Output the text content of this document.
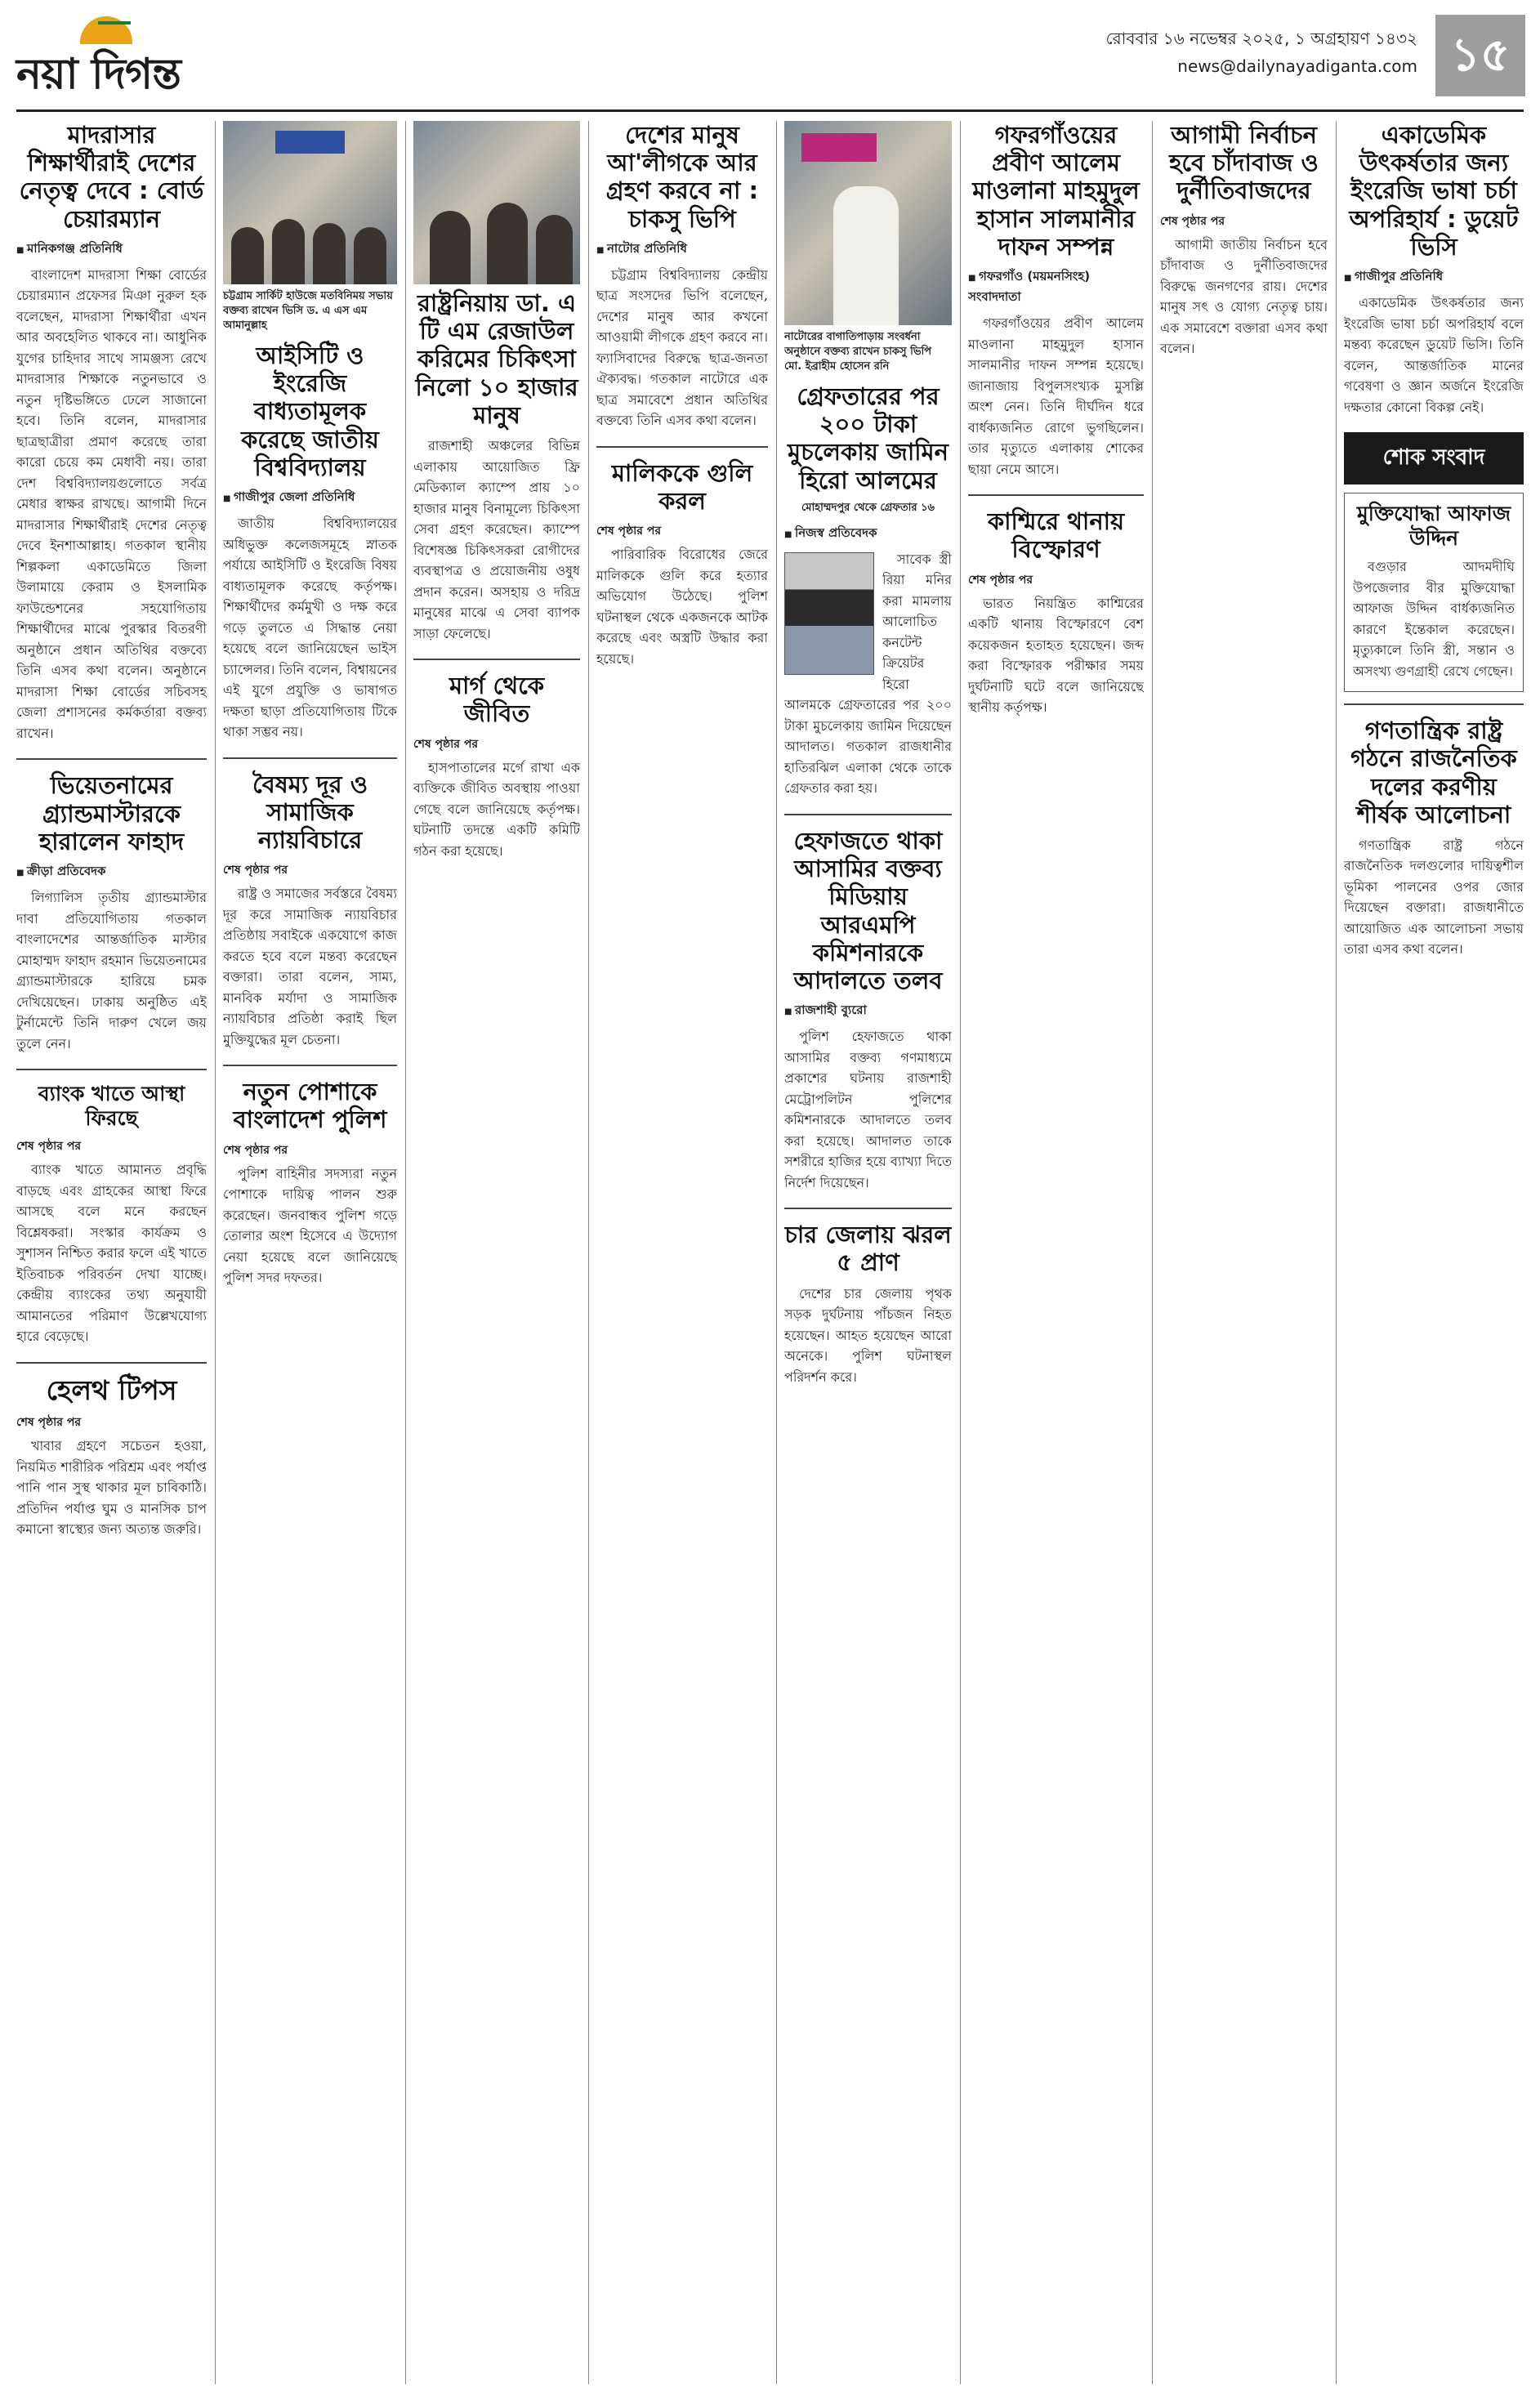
নয়া দিগন্ত
রোববার ১৬ নভেম্বর ২০২৫, ১ অগ্রহায়ণ ১৪৩২
news@dailynayadiganta.com ১৫
মাদরাসার শিক্ষার্থীরাই দেশের নেতৃত্ব দেবে : বোর্ড চেয়ারম্যান
■ মানিকগঞ্জ প্রতিনিধি

বাংলাদেশ মাদরাসা শিক্ষা বোর্ডের চেয়ারম্যান প্রফেসর মিঞা নুরুল হক বলেছেন, মাদরাসা শিক্ষার্থীরা এখন আর অবহেলিত থাকবে না। আধুনিক যুগের চাহিদার সাথে সামঞ্জস্য রেখে মাদরাসার শিক্ষাকে নতুনভাবে ও নতুন দৃষ্টিভঙ্গিতে ঢেলে সাজানো হবে। তিনি বলেন, মাদরাসার ছাত্রছাত্রীরা প্রমাণ করেছে তারা কারো চেয়ে কম মেধাবী নয়। তারা দেশ বিশ্ববিদ্যালয়গুলোতে সর্বত্র মেধার স্বাক্ষর রাখছে। আগামী দিনে মাদরাসার শিক্ষার্থীরাই দেশের নেতৃত্ব দেবে ইনশাআল্লাহ। গতকাল স্থানীয় শিল্পকলা একাডেমিতে জিলা উলামায়ে কেরাম ও ইসলামিক ফাউন্ডেশনের সহযোগিতায় শিক্ষার্থীদের মাঝে পুরস্কার বিতরণী অনুষ্ঠানে প্রধান অতিথির বক্তব্যে তিনি এসব কথা বলেন। অনুষ্ঠানে মাদরাসা শিক্ষা বোর্ডের সচিবসহ জেলা প্রশাসনের কর্মকর্তারা বক্তব্য রাখেন।

ভিয়েতনামের গ্র্যান্ডমাস্টারকে হারালেন ফাহাদ
■ ক্রীড়া প্রতিবেদক

লিগ্যালিস তৃতীয় গ্র্যান্ডমাস্টার দাবা প্রতিযোগিতায় গতকাল বাংলাদেশের আন্তর্জাতিক মাস্টার মোহাম্মদ ফাহাদ রহমান ভিয়েতনামের গ্র্যান্ডমাস্টারকে হারিয়ে চমক দেখিয়েছেন। ঢাকায় অনুষ্ঠিত এই টুর্নামেন্টে তিনি দারুণ খেলে জয় তুলে নেন।

ব্যাংক খাতে আস্থা ফিরছে
শেষ পৃষ্ঠার পর

ব্যাংক খাতে আমানত প্রবৃদ্ধি বাড়ছে এবং গ্রাহকের আস্থা ফিরে আসছে বলে মনে করছেন বিশ্লেষকরা। সংস্কার কার্যক্রম ও সুশাসন নিশ্চিত করার ফলে এই খাতে ইতিবাচক পরিবর্তন দেখা যাচ্ছে। কেন্দ্রীয় ব্যাংকের তথ্য অনুযায়ী আমানতের পরিমাণ উল্লেখযোগ্য হারে বেড়েছে।

হেলথ টিপস
শেষ পৃষ্ঠার পর

খাবার গ্রহণে সচেতন হওয়া, নিয়মিত শারীরিক পরিশ্রম এবং পর্যাপ্ত পানি পান সুস্থ থাকার মূল চাবিকাঠি। প্রতিদিন পর্যাপ্ত ঘুম ও মানসিক চাপ কমানো স্বাস্থ্যের জন্য অত্যন্ত জরুরি।

চট্টগ্রাম সার্কিট হাউজে মতবিনিময় সভায় বক্তব্য রাখেন ভিসি ড. এ এস এম আমানুল্লাহ
আইসিটি ও ইংরেজি বাধ্যতামূলক করেছে জাতীয় বিশ্ববিদ্যালয়
■ গাজীপুর জেলা প্রতিনিধি

জাতীয় বিশ্ববিদ্যালয়ের অধিভুক্ত কলেজসমূহে স্নাতক পর্যায়ে আইসিটি ও ইংরেজি বিষয় বাধ্যতামূলক করেছে কর্তৃপক্ষ। শিক্ষার্থীদের কর্মমুখী ও দক্ষ করে গড়ে তুলতে এ সিদ্ধান্ত নেয়া হয়েছে বলে জানিয়েছেন ভাইস চ্যান্সেলর। তিনি বলেন, বিশ্বায়নের এই যুগে প্রযুক্তি ও ভাষাগত দক্ষতা ছাড়া প্রতিযোগিতায় টিকে থাকা সম্ভব নয়।

বৈষম্য দূর ও সামাজিক ন্যায়বিচারে
শেষ পৃষ্ঠার পর

রাষ্ট্র ও সমাজের সর্বস্তরে বৈষম্য দূর করে সামাজিক ন্যায়বিচার প্রতিষ্ঠায় সবাইকে একযোগে কাজ করতে হবে বলে মন্তব্য করেছেন বক্তারা। তারা বলেন, সাম্য, মানবিক মর্যাদা ও সামাজিক ন্যায়বিচার প্রতিষ্ঠা করাই ছিল মুক্তিযুদ্ধের মূল চেতনা।

নতুন পোশাকে বাংলাদেশ পুলিশ
শেষ পৃষ্ঠার পর

পুলিশ বাহিনীর সদস্যরা নতুন পোশাকে দায়িত্ব পালন শুরু করেছেন। জনবান্ধব পুলিশ গড়ে তোলার অংশ হিসেবে এ উদ্যোগ নেয়া হয়েছে বলে জানিয়েছে পুলিশ সদর দফতর।

রাষ্ট্রনিয়ায় ডা. এ টি এম রেজাউল করিমের চিকিৎসা নিলো ১০ হাজার মানুষ

রাজশাহী অঞ্চলের বিভিন্ন এলাকায় আয়োজিত ফ্রি মেডিক্যাল ক্যাম্পে প্রায় ১০ হাজার মানুষ বিনামূল্যে চিকিৎসা সেবা গ্রহণ করেছেন। ক্যাম্পে বিশেষজ্ঞ চিকিৎসকরা রোগীদের ব্যবস্থাপত্র ও প্রয়োজনীয় ওষুধ প্রদান করেন। অসহায় ও দরিদ্র মানুষের মাঝে এ সেবা ব্যাপক সাড়া ফেলেছে।

মার্গ থেকে জীবিত
শেষ পৃষ্ঠার পর

হাসপাতালের মর্গে রাখা এক ব্যক্তিকে জীবিত অবস্থায় পাওয়া গেছে বলে জানিয়েছে কর্তৃপক্ষ। ঘটনাটি তদন্তে একটি কমিটি গঠন করা হয়েছে।

দেশের মানুষ আ'লীগকে আর গ্রহণ করবে না : চাকসু ভিপি
■ নাটোর প্রতিনিধি

চট্টগ্রাম বিশ্ববিদ্যালয় কেন্দ্রীয় ছাত্র সংসদের ভিপি বলেছেন, দেশের মানুষ আর কখনো আওয়ামী লীগকে গ্রহণ করবে না। ফ্যাসিবাদের বিরুদ্ধে ছাত্র-জনতা ঐক্যবদ্ধ। গতকাল নাটোরে এক ছাত্র সমাবেশে প্রধান অতিথির বক্তব্যে তিনি এসব কথা বলেন।

মালিককে গুলি করল
শেষ পৃষ্ঠার পর

পারিবারিক বিরোধের জেরে মালিককে গুলি করে হত্যার অভিযোগ উঠেছে। পুলিশ ঘটনাস্থল থেকে একজনকে আটক করেছে এবং অস্ত্রটি উদ্ধার করা হয়েছে।

নাটোরের বাগাতিপাড়ায় সংবর্ধনা অনুষ্ঠানে বক্তব্য রাখেন চাকসু ভিপি মো. ইব্রাহীম হোসেন রনি
গ্রেফতারের পর ২০০ টাকা মুচলেকায় জামিন হিরো আলমের
মোহাম্মদপুর থেকে গ্রেফতার ১৬
■ নিজস্ব প্রতিবেদক

সাবেক স্ত্রী রিয়া মনির করা মামলায় আলোচিত কনটেন্ট ক্রিয়েটর হিরো আলমকে গ্রেফতারের পর ২০০ টাকা মুচলেকায় জামিন দিয়েছেন আদালত। গতকাল রাজধানীর হাতিরঝিল এলাকা থেকে তাকে গ্রেফতার করা হয়।

হেফাজতে থাকা আসামির বক্তব্য মিডিয়ায় আরএমপি কমিশনারকে আদালতে তলব
■ রাজশাহী ব্যুরো

পুলিশ হেফাজতে থাকা আসামির বক্তব্য গণমাধ্যমে প্রকাশের ঘটনায় রাজশাহী মেট্রোপলিটন পুলিশের কমিশনারকে আদালতে তলব করা হয়েছে। আদালত তাকে সশরীরে হাজির হয়ে ব্যাখ্যা দিতে নির্দেশ দিয়েছেন।

চার জেলায় ঝরল ৫ প্রাণ

দেশের চার জেলায় পৃথক সড়ক দুর্ঘটনায় পাঁচজন নিহত হয়েছেন। আহত হয়েছেন আরো অনেকে। পুলিশ ঘটনাস্থল পরিদর্শন করে।

গফরগাঁওয়ের প্রবীণ আলেম মাওলানা মাহমুদুল হাসান সালমানীর দাফন সম্পন্ন
■ গফরগাঁও (ময়মনসিংহ) সংবাদদাতা

গফরগাঁওয়ের প্রবীণ আলেম মাওলানা মাহমুদুল হাসান সালমানীর দাফন সম্পন্ন হয়েছে। জানাজায় বিপুলসংখ্যক মুসল্লি অংশ নেন। তিনি দীর্ঘদিন ধরে বার্ধক্যজনিত রোগে ভুগছিলেন। তার মৃত্যুতে এলাকায় শোকের ছায়া নেমে আসে।

কাশ্মিরে থানায় বিস্ফোরণ
শেষ পৃষ্ঠার পর

ভারত নিয়ন্ত্রিত কাশ্মিরের একটি থানায় বিস্ফোরণে বেশ কয়েকজন হতাহত হয়েছেন। জব্দ করা বিস্ফোরক পরীক্ষার সময় দুর্ঘটনাটি ঘটে বলে জানিয়েছে স্থানীয় কর্তৃপক্ষ।

আগামী নির্বাচন হবে চাঁদাবাজ ও দুর্নীতিবাজদের
শেষ পৃষ্ঠার পর

আগামী জাতীয় নির্বাচন হবে চাঁদাবাজ ও দুর্নীতিবাজদের বিরুদ্ধে জনগণের রায়। দেশের মানুষ সৎ ও যোগ্য নেতৃত্ব চায়। এক সমাবেশে বক্তারা এসব কথা বলেন।

একাডেমিক উৎকর্ষতার জন্য ইংরেজি ভাষা চর্চা অপরিহার্য : ডুয়েট ভিসি
■ গাজীপুর প্রতিনিধি

একাডেমিক উৎকর্ষতার জন্য ইংরেজি ভাষা চর্চা অপরিহার্য বলে মন্তব্য করেছেন ডুয়েট ভিসি। তিনি বলেন, আন্তর্জাতিক মানের গবেষণা ও জ্ঞান অর্জনে ইংরেজি দক্ষতার কোনো বিকল্প নেই।

শোক সংবাদ
মুক্তিযোদ্ধা আফাজ উদ্দিন

বগুড়ার আদমদীঘি উপজেলার বীর মুক্তিযোদ্ধা আফাজ উদ্দিন বার্ধক্যজনিত কারণে ইন্তেকাল করেছেন। মৃত্যুকালে তিনি স্ত্রী, সন্তান ও অসংখ্য গুণগ্রাহী রেখে গেছেন।

গণতান্ত্রিক রাষ্ট্র গঠনে রাজনৈতিক দলের করণীয় শীর্ষক আলোচনা

গণতান্ত্রিক রাষ্ট্র গঠনে রাজনৈতিক দলগুলোর দায়িত্বশীল ভূমিকা পালনের ওপর জোর দিয়েছেন বক্তারা। রাজধানীতে আয়োজিত এক আলোচনা সভায় তারা এসব কথা বলেন।
